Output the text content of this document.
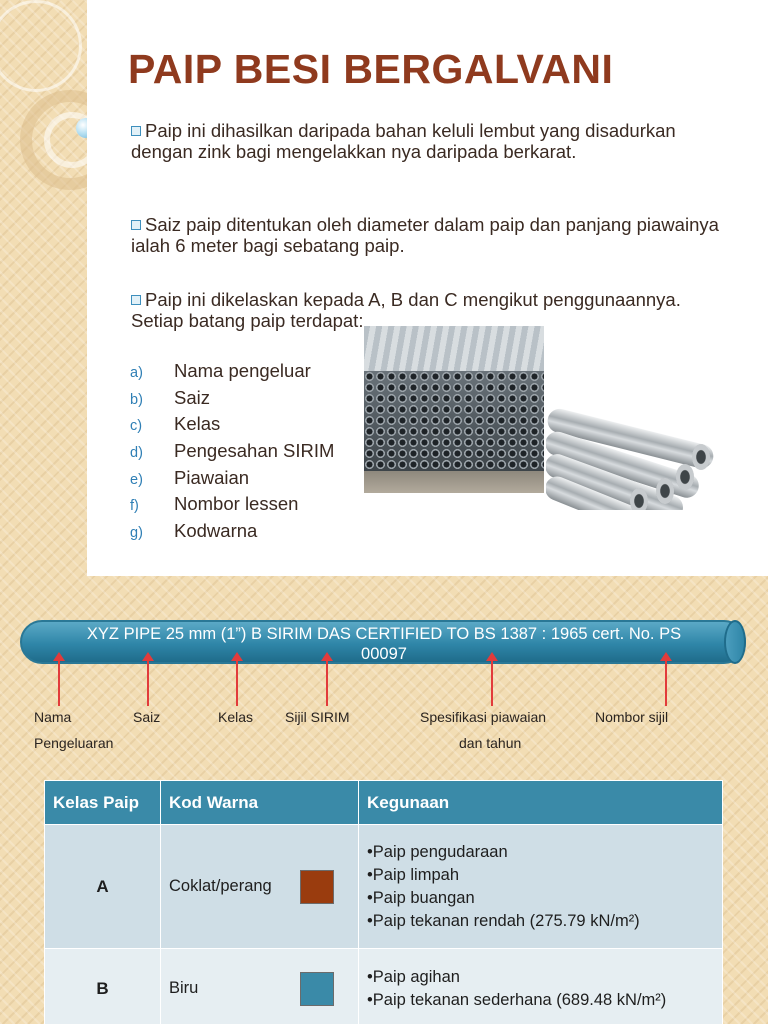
PAIP BESI BERGALVANI

Paip ini dihasilkan daripada bahan keluli lembut yang disadurkan dengan zink bagi mengelakkan nya daripada berkarat.

Saiz paip ditentukan oleh diameter dalam paip dan panjang piawainya ialah 6 meter bagi sebatang paip.

Paip ini dikelaskan kepada A, B dan C mengikut penggunaannya. Setiap batang paip terdapat:

a)	Nama pengeluar
b)	Saiz
c)	Kelas
d)	Pengesahan SIRIM
e)	Piawaian
f)	Nombor lessen
g)	Kodwarna
XYZ PIPE 25 mm (1”) B SIRIM DAS CERTIFIED TO BS 1387 : 1965 cert. No. PS
00097
Nama
Pengeluaran
Saiz	Kelas Sijil SIRIM	Spesifikasi piawaian
dan tahun
Nombor sijil
Kelas Paip	Kod Warna	Kegunaan
A	Coklat/perang	•Paip pengudaraan
•Paip limpah
•Paip buangan
•Paip tekanan rendah (275.79 kN/m²)

B	Biru	•Paip agihan
•Paip tekanan sederhana (689.48 kN/m²)
